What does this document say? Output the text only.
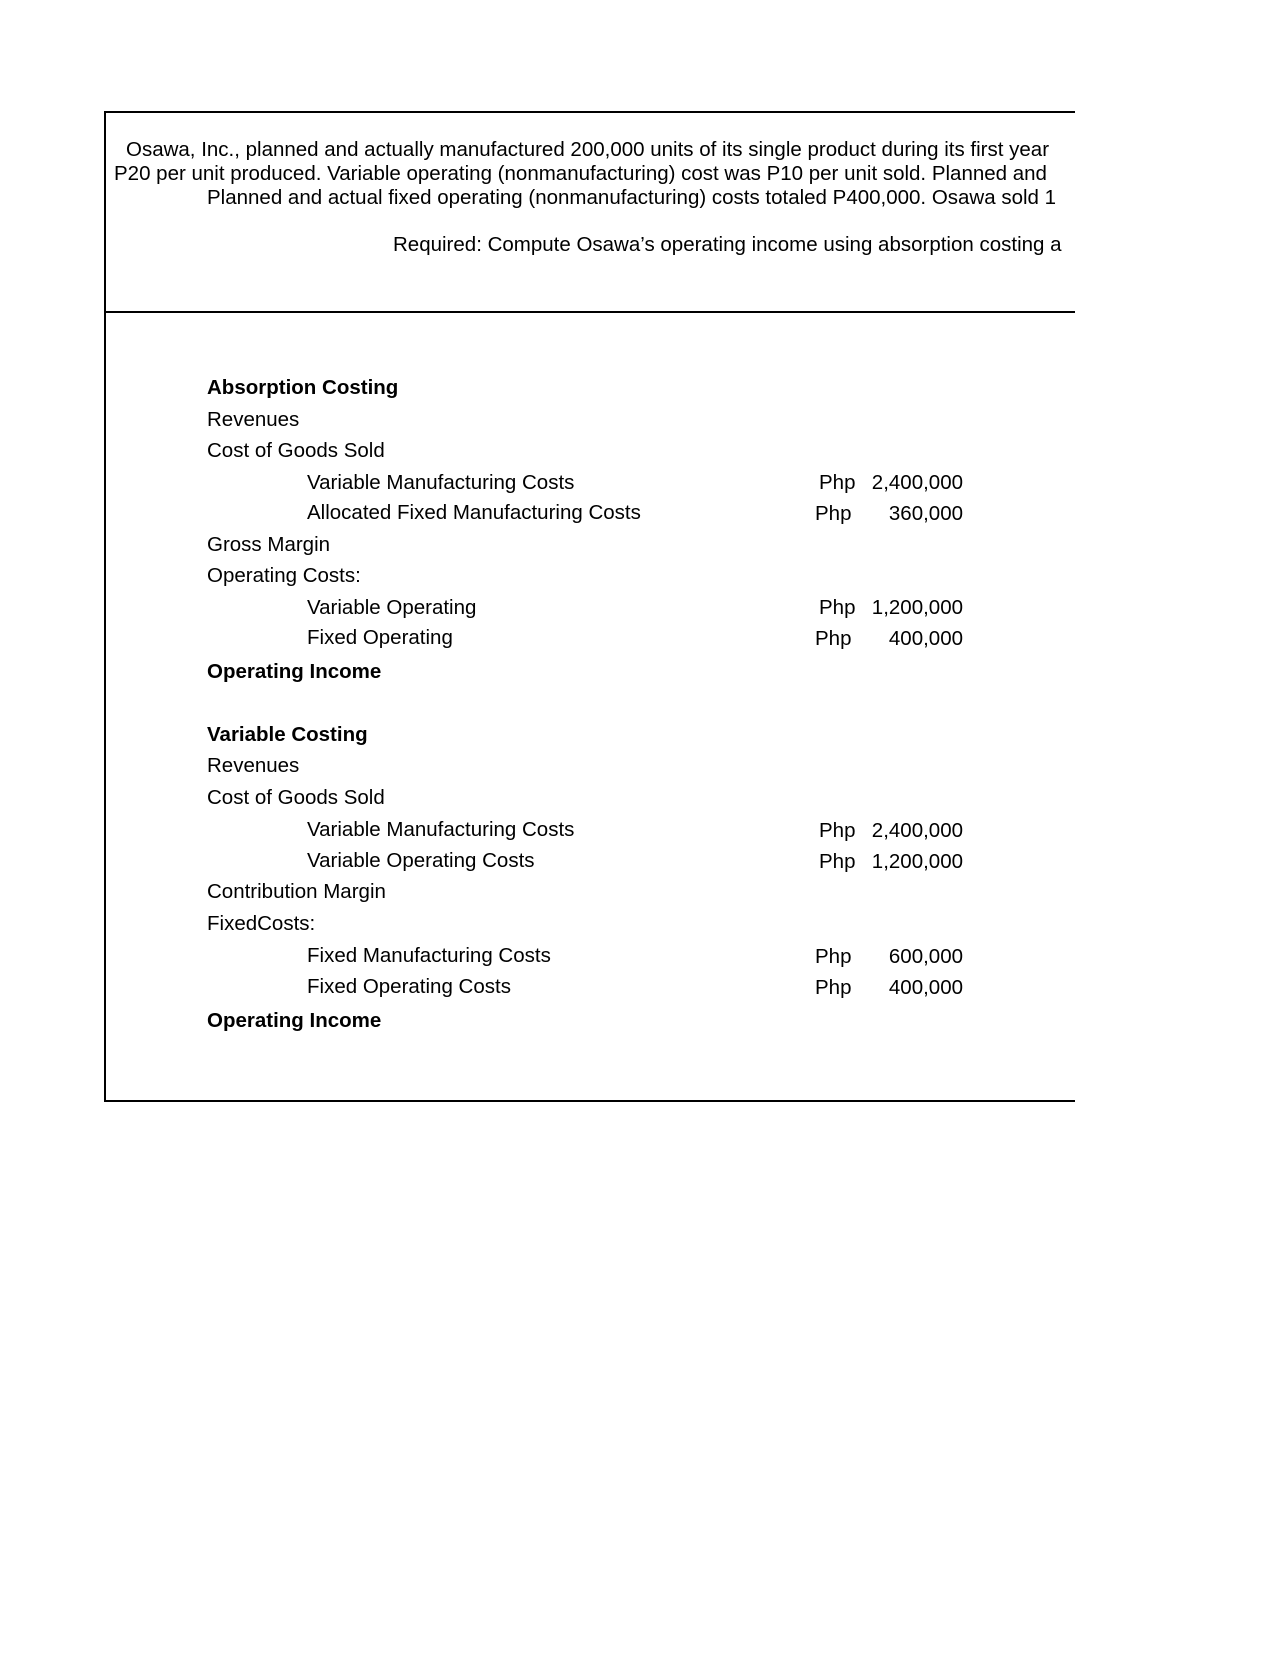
Osawa, Inc., planned and actually manufactured 200,000 units of its single product during its first year
P20 per unit produced. Variable operating (nonmanufacturing) cost was P10 per unit sold. Planned and
Planned and actual fixed operating (nonmanufacturing) costs totaled P400,000. Osawa sold 1
Required: Compute Osawa’s operating income using absorption costing a
Absorption Costing
Revenues
Cost of Goods Sold
Variable Manufacturing Costs	Php 2,400,000
Allocated Fixed Manufacturing Costs	Php	360,000
Gross Margin
Operating Costs:
Variable Operating	Php 1,200,000
Fixed Operating	Php	400,000
Operating Income
Variable Costing
Revenues
Cost of Goods Sold
Variable Manufacturing Costs	Php 2,400,000
Variable Operating Costs	Php 1,200,000
Contribution Margin
FixedCosts:
Fixed Manufacturing Costs	Php	600,000
Fixed Operating Costs	Php	400,000
Operating Income
